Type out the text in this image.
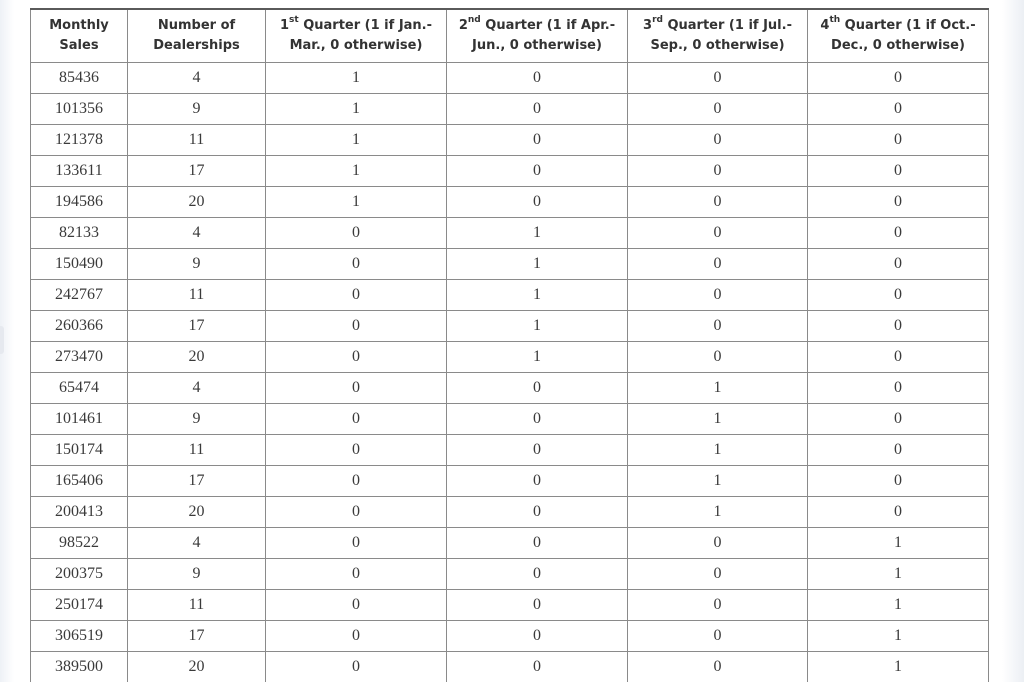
Monthly Sales	Number of Dealerships	1st Quarter (1 if Jan.-Mar., 0 otherwise)	2nd Quarter (1 if Apr.-Jun., 0 otherwise)	3rd Quarter (1 if Jul.-Sep., 0 otherwise)	4th Quarter (1 if Oct.-Dec., 0 otherwise)
85436	4	1	0	0	0
101356	9	1	0	0	0
121378	11	1	0	0	0
133611	17	1	0	0	0
194586	20	1	0	0	0
82133	4	0	1	0	0
150490	9	0	1	0	0
242767	11	0	1	0	0
260366	17	0	1	0	0
273470	20	0	1	0	0
65474	4	0	0	1	0
101461	9	0	0	1	0
150174	11	0	0	1	0
165406	17	0	0	1	0
200413	20	0	0	1	0
98522	4	0	0	0	1
200375	9	0	0	0	1
250174	11	0	0	0	1
306519	17	0	0	0	1
389500	20	0	0	0	1
